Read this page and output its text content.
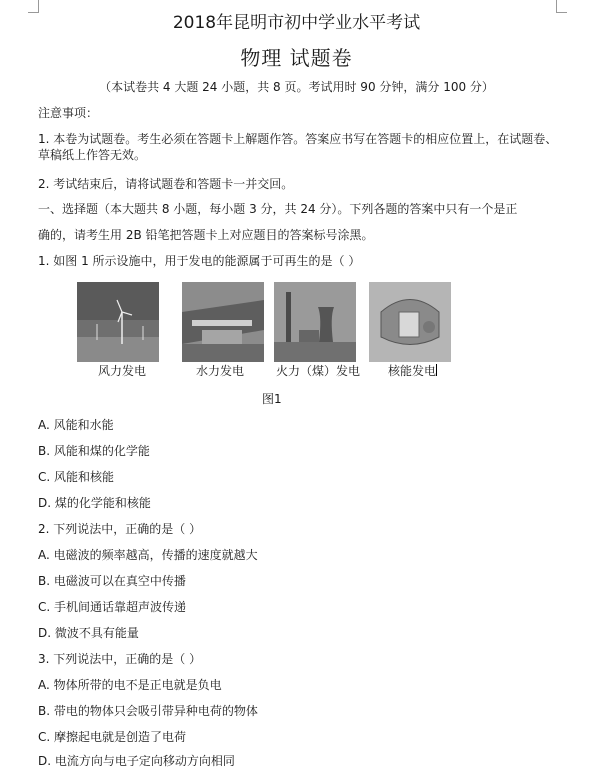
2018年昆明市初中学业水平考试
物理 试题卷
（本试卷共 4 大题 24 小题，共 8 页。考试用时 90 分钟，满分 100 分）
注意事项：
1. 本卷为试题卷。考生必须在答题卡上解题作答。答案应书写在答题卡的相应位置上，在试题卷、草稿纸上作答无效。
2. 考试结束后，请将试题卷和答题卡一并交回。
一、选择题（本大题共 8 小题，每小题 3 分，共 24 分）。下列各题的答案中只有一个是正
确的，请考生用 2B 铅笔把答题卡上对应题目的答案标号涂黑。
1. 如图 1 所示设施中，用于发电的能源属于可再生的是（ ）
风力发电	水力发电	火力（煤）发电 核能发电
图1
A. 风能和水能
B. 风能和煤的化学能
C. 风能和核能
D. 煤的化学能和核能
2. 下列说法中，正确的是（ ）
A. 电磁波的频率越高，传播的速度就越大
B. 电磁波可以在真空中传播
C. 手机间通话靠超声波传递
D. 微波不具有能量
3. 下列说法中，正确的是（ ）
A. 物体所带的电不是正电就是负电
B. 带电的物体只会吸引带异种电荷的物体
C. 摩擦起电就是创造了电荷
D. 电流方向与电子定向移动方向相同
